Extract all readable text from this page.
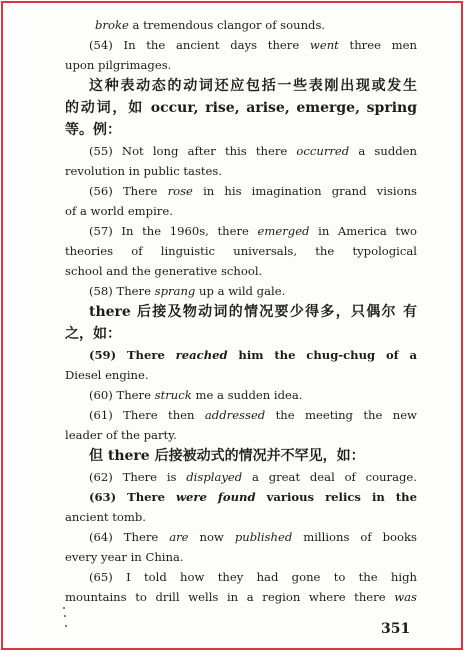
broke a tremendous clangor of sounds.

(54) In the ancient days there went three men

upon pilgrimages.

这种表动态的动词还应包括一些表刚出现或发生

的动词，如 occur, rise, arise, emerge, spring

等。例：

(55) Not long after this there occurred a sudden

revolution in public tastes.

(56) There rose in his imagination grand visions

of a world empire.

(57) In the 1960s, there emerged in America two

theories of linguistic universals, the typological

school and the generative school.

(58) There sprang up a wild gale.

there 后接及物动词的情况要少得多，只偶尔 有

之，如：

(59) There reached him the chug-chug of a

Diesel engine.

(60) There struck me a sudden idea.

(61) There then addressed the meeting the new

leader of the party.

但 there 后接被动式的情况并不罕见，如：

(62) There is displayed a great deal of courage.

(63) There were found various relics in the

ancient tomb.

(64) There are now published millions of books

every year in China.

(65) I told how they had gone to the high

mountains to drill wells in a region where there was

351
